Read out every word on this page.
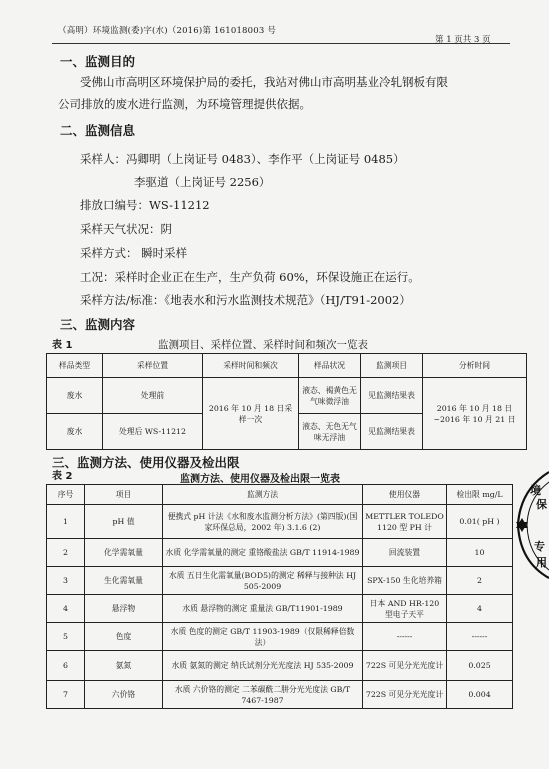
（高明）环境监测(委)字(水)（2016)第 161018003 号
第 1 页共 3 页
一、监测目的
受佛山市高明区环境保护局的委托，我站对佛山市高明基业冷轧钢板有限
公司排放的废水进行监测，为环境管理提供依据。
二、监测信息
采样人：冯卿明（上岗证号 0483）、李作平（上岗证号 0485）
李驱道（上岗证号 2256）
排放口编号：WS-11212
采样天气状况：阴
采样方式： 瞬时采样
工况：采样时企业正在生产，生产负荷 60%，环保设施正在运行。
采样方法/标准：《地表水和污水监测技术规范》（HJ/T91-2002）
三、监测内容
表 1	监测项目、采样位置、采样时间和频次一览表
样品类型	采样位置	采样时间和频次	样品状况	监测项目	分析时间
废水	处理前	2016 年 10 月 18 日采样一次	液态、褐黄色无气味微浮油	见监测结果表	2016 年 10 月 18 日 ~2016 年 10 月 21 日
废水	处理后 WS-11212		液态、无色无气味无浮油	见监测结果表	
三、监测方法、使用仪器及检出限
表 2	监测方法、使用仪器及检出限一览表
序号	项目	监测方法	使用仪器	检出限 mg/L
1	pH 值	便携式 pH 计法《水和废水监测分析方法》(第四版)(国家环保总局，2002 年) 3.1.6 (2)	METTLER TOLEDO 1120 型 PH 计	0.01( pH )
2	化学需氧量	水质 化学需氧量的测定 重铬酸盐法 GB/T 11914-1989	回流装置	10
3	生化需氧量	水质 五日生化需氧量(BOD5)的测定 稀释与接种法 HJ 505-2009	SPX-150 生化培养箱	2
4	悬浮物	水质 悬浮物的测定 重量法 GB/T11901-1989	日本 AND HR-120 型电子天平	4
5	色度	水质 色度的测定 GB/T 11903-1989（仅限稀释倍数法）	------	------
6	氨氮	水质 氨氮的测定 纳氏试剂分光光度法 HJ 535-2009	722S 可见分光光度计	0.025
7	六价铬	水质 六价铬的测定 二苯碳酰二肼分光光度法 GB/T 7467-1987	722S 可见分光光度计	0.004
境
保
专
用
